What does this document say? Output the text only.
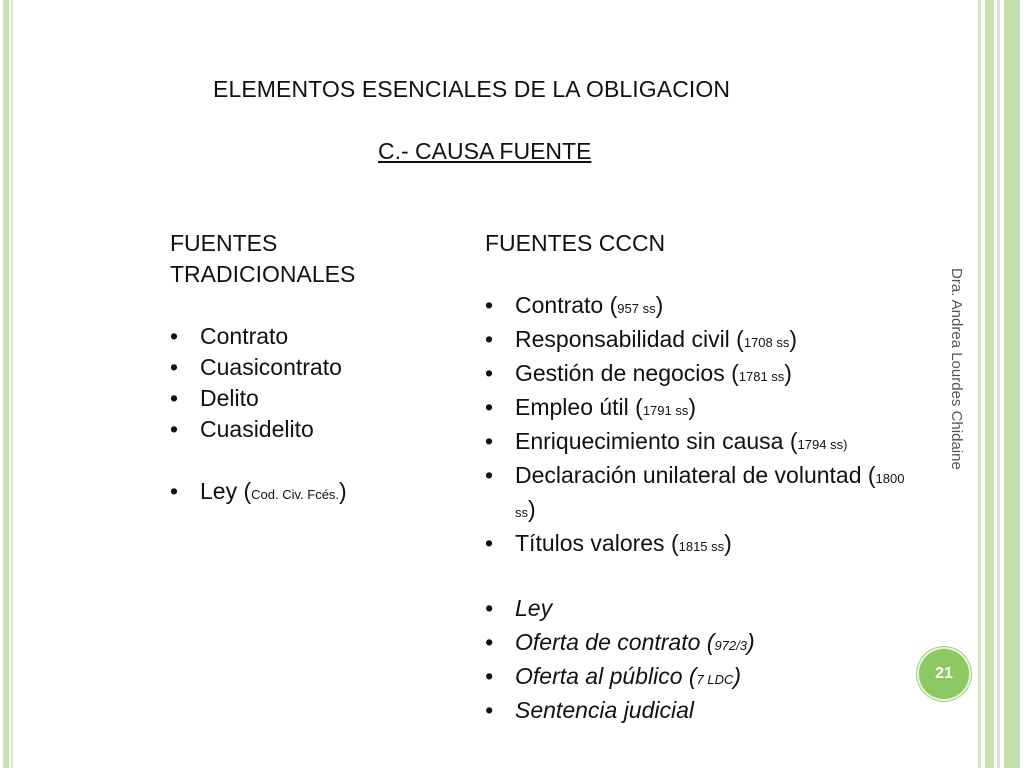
ELEMENTOS ESENCIALES DE LA OBLIGACION
C.- CAUSA FUENTE

FUENTES TRADICIONALES

• Contrato
• Cuasicontrato
• Delito
• Cuasidelito
• Ley (Cod. Civ. Fcés.)

FUENTES CCCN

• Contrato (957 ss)
• Responsabilidad civil (1708 ss)
• Gestión de negocios (1781 ss)
• Empleo útil (1791 ss)
• Enriquecimiento sin causa (1794 ss)
• Declaración unilateral de voluntad (1800 ss)
• Títulos valores (1815 ss)
• Ley
• Oferta de contrato (972/3)
• Oferta al público (7 LDC)
• Sentencia judicial
Dra. Andrea Lourdes Chidaine
21
